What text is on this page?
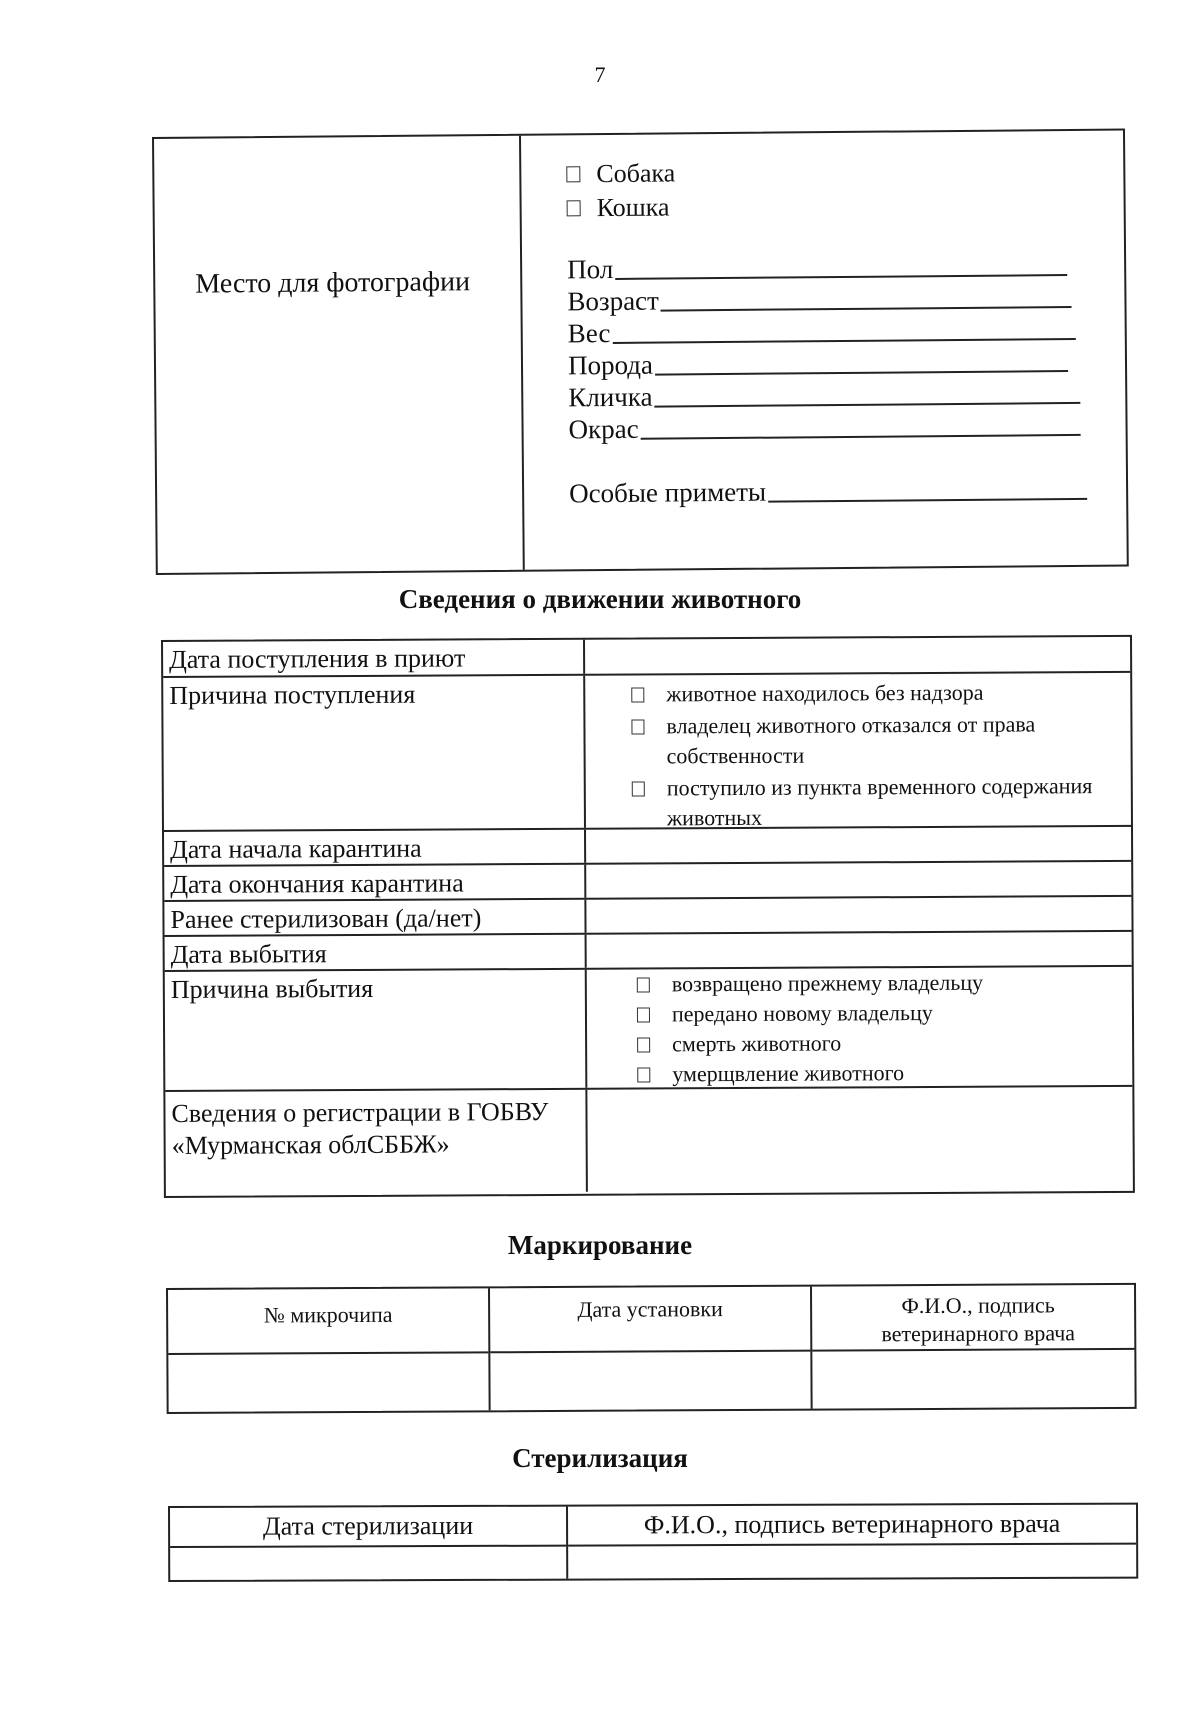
7
Место для фотографии
Собака
Кошка
Пол
Возраст
Вес
Порода
Кличка
Окрас
Особые приметы
Сведения о движении животного
Дата поступления в приют
Причина поступления	животное находилось без надзора
владелец животного отказался от права собственности
поступило из пункта временного содержания животных
Дата начала карантина
Дата окончания карантина
Ранее стерилизован (да/нет)
Дата выбытия
Причина выбытия	возвращено прежнему владельцу
передано новому владельцу
смерть животного
умерщвление животного
Сведения о регистрации в ГОБВУ «Мурманская облСББЖ»
Маркирование
№ микрочипа	Дата установки	Ф.И.О., подпись ветеринарного врача
Стерилизация
Дата стерилизации	Ф.И.О., подпись ветеринарного врача
